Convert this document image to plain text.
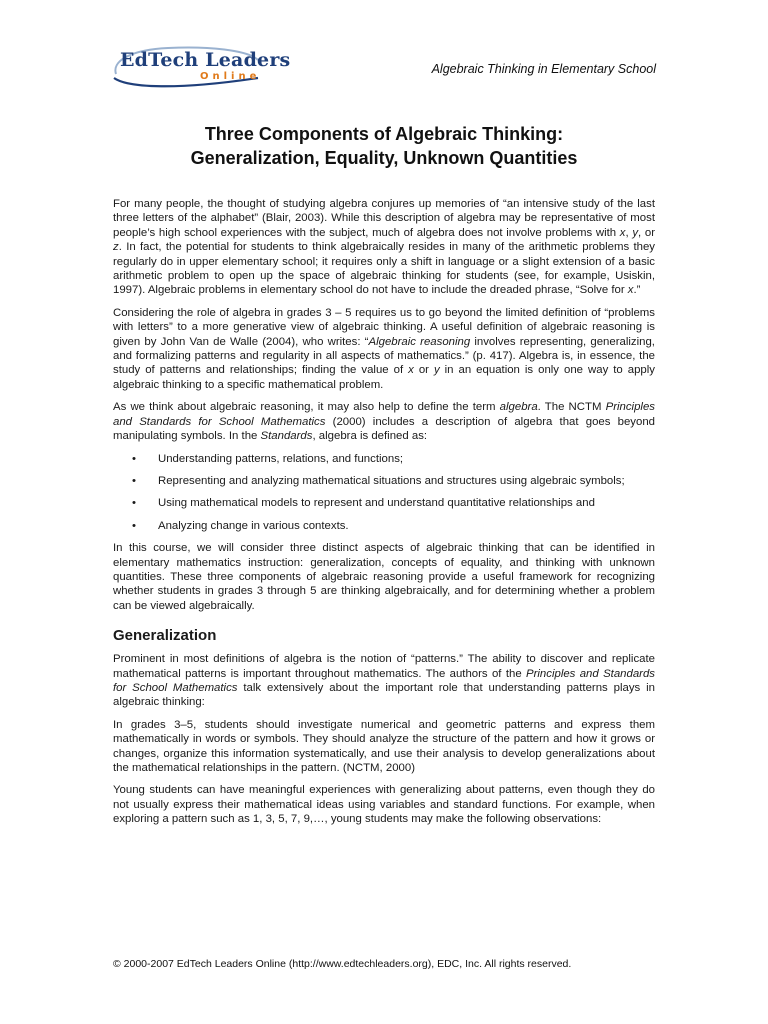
EdTech Leaders
Online
Algebraic Thinking in Elementary School
Three Components of Algebraic Thinking:
Generalization, Equality, Unknown Quantities

For many people, the thought of studying algebra conjures up memories of “an intensive study of the last three letters of the alphabet” (Blair, 2003). While this description of algebra may be representative of most people’s high school experiences with the subject, much of algebra does not involve problems with x, y, or z. In fact, the potential for students to think algebraically resides in many of the arithmetic problems they regularly do in upper elementary school; it requires only a shift in language or a slight extension of a basic arithmetic problem to open up the space of algebraic thinking for students (see, for example, Usiskin, 1997). Algebraic problems in elementary school do not have to include the dreaded phrase, “Solve for x.”

Considering the role of algebra in grades 3 – 5 requires us to go beyond the limited definition of “problems with letters” to a more generative view of algebraic thinking. A useful definition of algebraic reasoning is given by John Van de Walle (2004), who writes: “Algebraic reasoning involves representing, generalizing, and formalizing patterns and regularity in all aspects of mathematics.” (p. 417). Algebra is, in essence, the study of patterns and relationships; finding the value of x or y in an equation is only one way to apply algebraic thinking to a specific mathematical problem.

As we think about algebraic reasoning, it may also help to define the term algebra. The NCTM Principles and Standards for School Mathematics (2000) includes a description of algebra that goes beyond manipulating symbols. In the Standards, algebra is defined as:

• Understanding patterns, relations, and functions;
• Representing and analyzing mathematical situations and structures using algebraic symbols;
• Using mathematical models to represent and understand quantitative relationships and
• Analyzing change in various contexts.

In this course, we will consider three distinct aspects of algebraic thinking that can be identified in elementary mathematics instruction: generalization, concepts of equality, and thinking with unknown quantities. These three components of algebraic reasoning provide a useful framework for recognizing whether students in grades 3 through 5 are thinking algebraically, and for determining whether a problem can be viewed algebraically.

Generalization

Prominent in most definitions of algebra is the notion of “patterns.” The ability to discover and replicate mathematical patterns is important throughout mathematics. The authors of the Principles and Standards for School Mathematics talk extensively about the important role that understanding patterns plays in algebraic thinking:

In grades 3–5, students should investigate numerical and geometric patterns and express them mathematically in words or symbols. They should analyze the structure of the pattern and how it grows or changes, organize this information systematically, and use their analysis to develop generalizations about the mathematical relationships in the pattern. (NCTM, 2000)

Young students can have meaningful experiences with generalizing about patterns, even though they do not usually express their mathematical ideas using variables and standard functions. For example, when exploring a pattern such as 1, 3, 5, 7, 9,…, young students may make the following observations:

© 2000-2007 EdTech Leaders Online (http://www.edtechleaders.org), EDC, Inc. All rights reserved.
